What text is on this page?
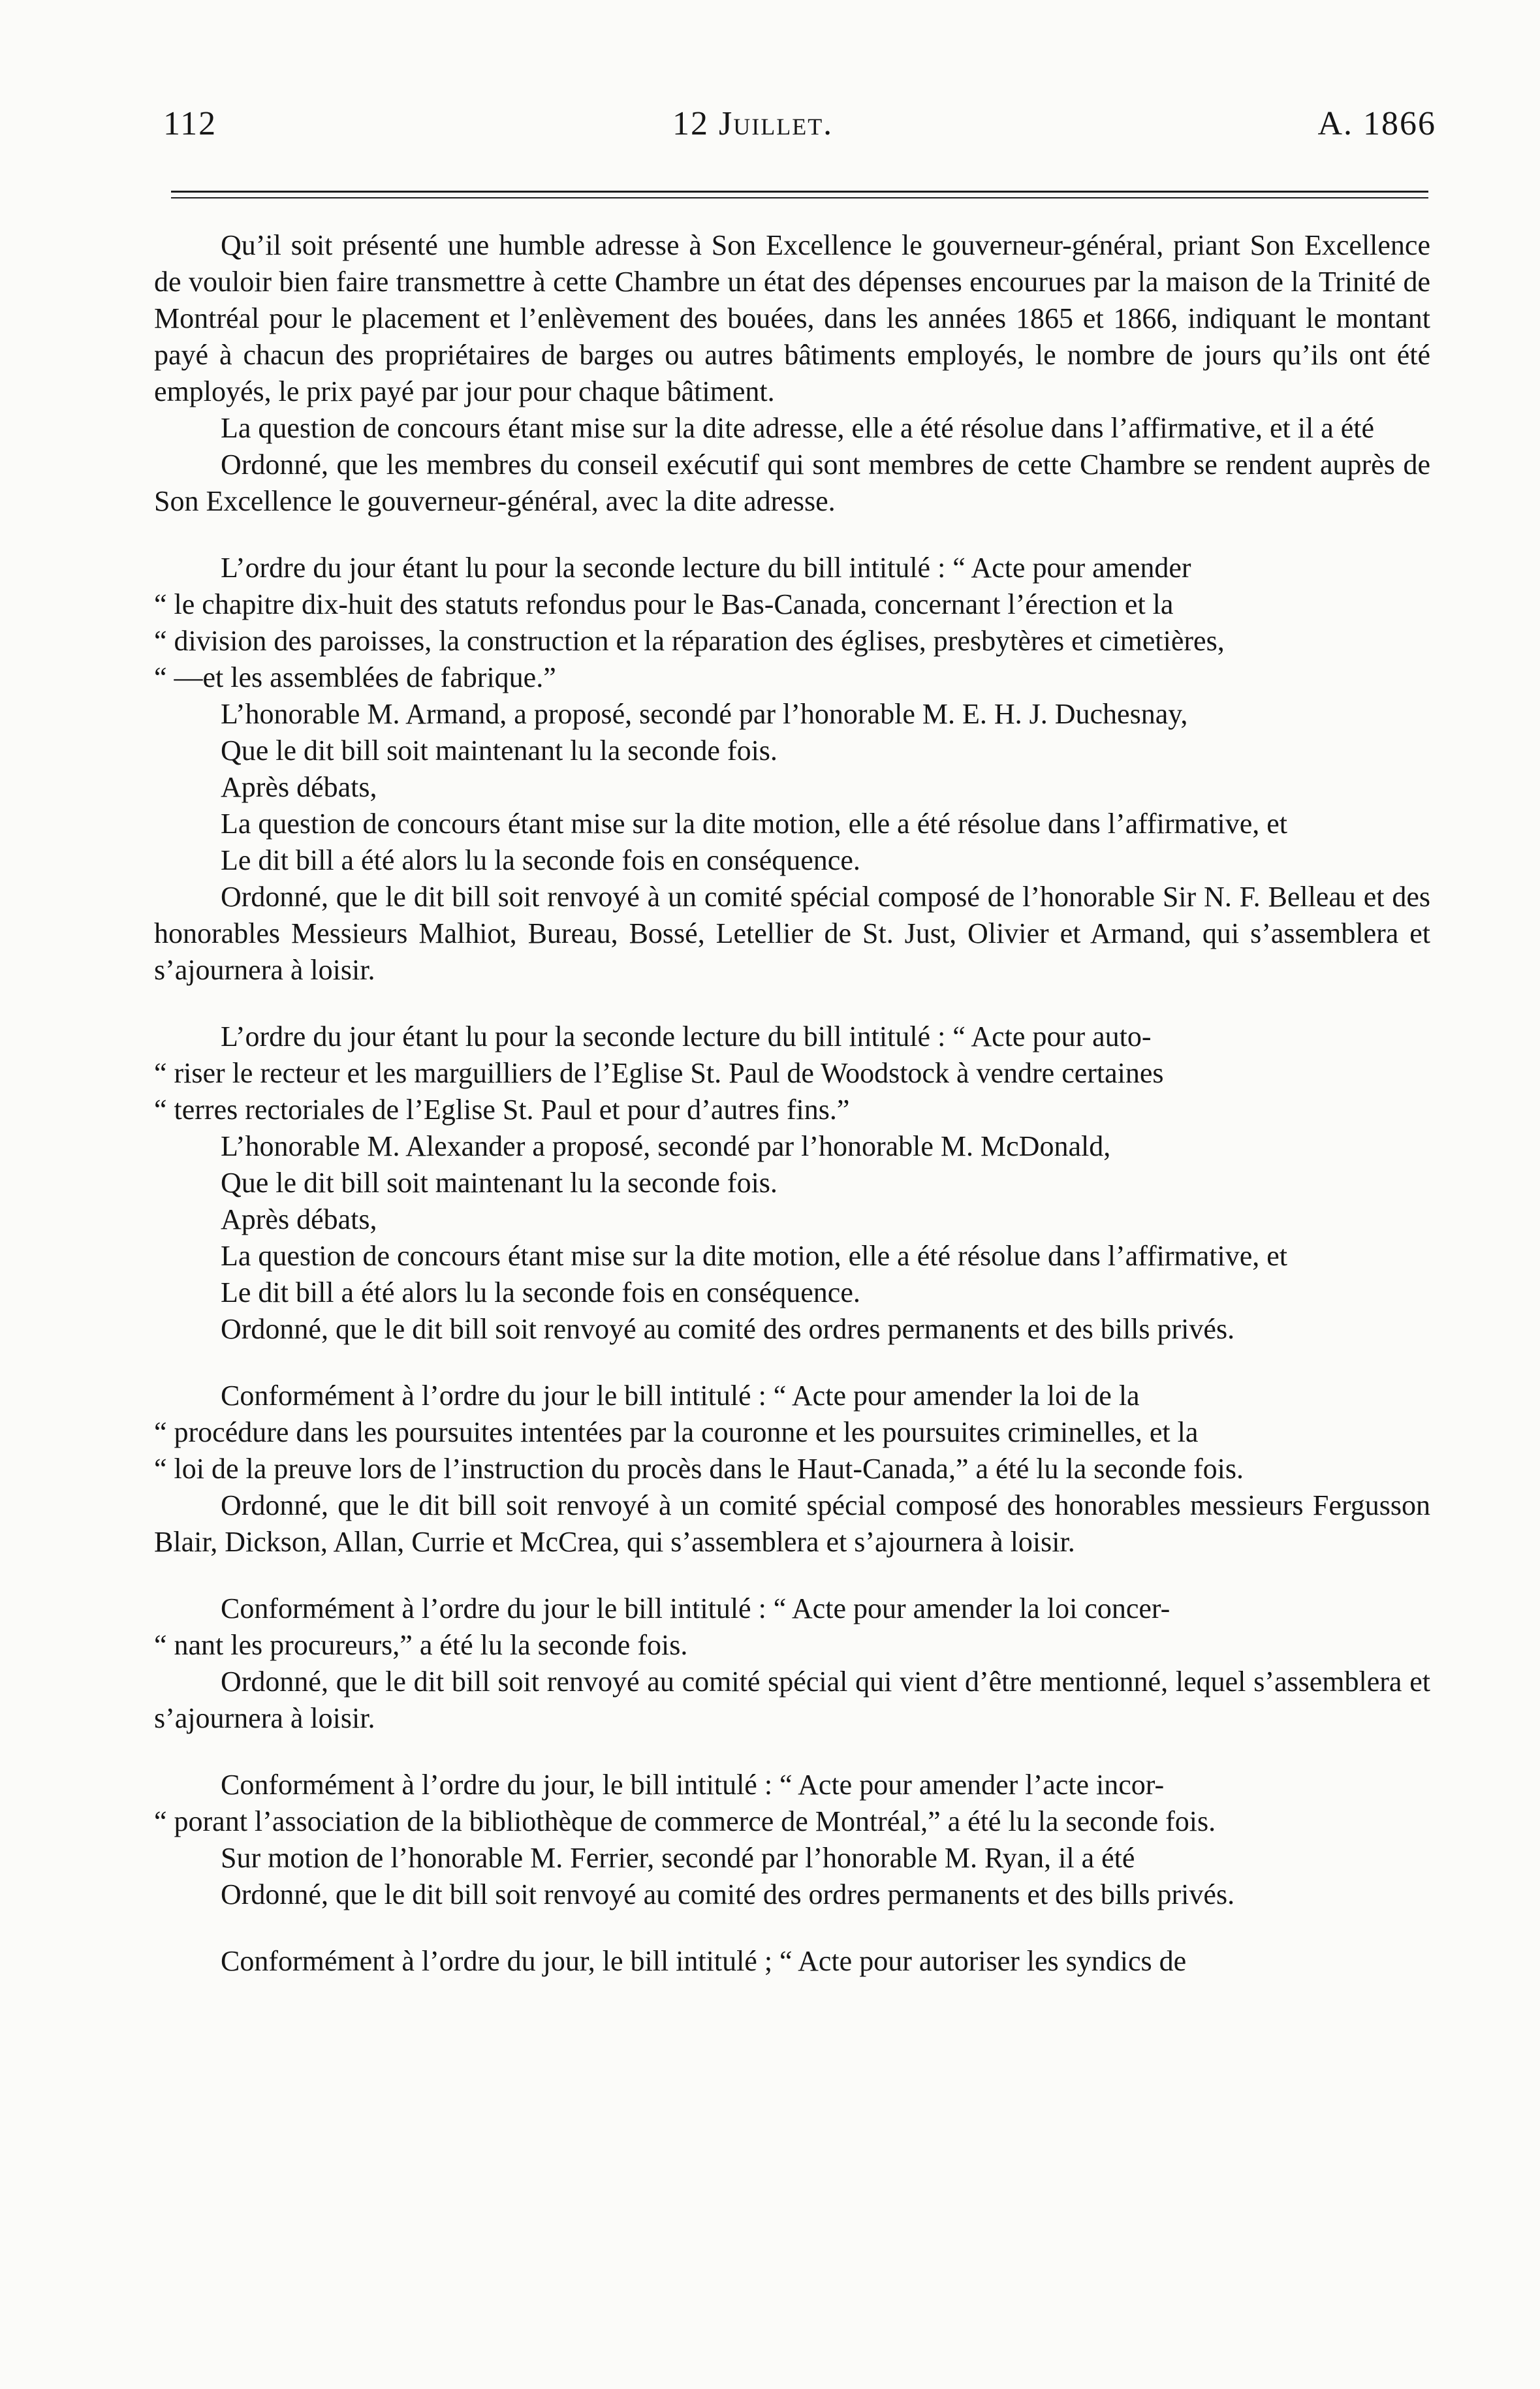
112	12 Juillet.	A. 1866

Qu’il soit présenté une humble adresse à Son Excellence le gouverneur-général, priant Son Excellence de vouloir bien faire transmettre à cette Chambre un état des dépenses encourues par la maison de la Trinité de Montréal pour le placement et l’enlèvement des bouées, dans les années 1865 et 1866, indiquant le montant payé à chacun des propriétaires de barges ou autres bâtiments employés, le nombre de jours qu’ils ont été employés, le prix payé par jour pour chaque bâtiment.

La question de concours étant mise sur la dite adresse, elle a été résolue dans l’affirmative, et il a été

Ordonné, que les membres du conseil exécutif qui sont membres de cette Chambre se rendent auprès de Son Excellence le gouverneur-général, avec la dite adresse.

L’ordre du jour étant lu pour la seconde lecture du bill intitulé : “ Acte pour amender

“ le chapitre dix-huit des statuts refondus pour le Bas-Canada, concernant l’érection et la

“ division des paroisses, la construction et la réparation des églises, presbytères et cimetières,

“ —et les assemblées de fabrique.”

L’honorable M. Armand, a proposé, secondé par l’honorable M. E. H. J. Duchesnay,

Que le dit bill soit maintenant lu la seconde fois.

Après débats,

La question de concours étant mise sur la dite motion, elle a été résolue dans l’affirmative, et

Le dit bill a été alors lu la seconde fois en conséquence.

Ordonné, que le dit bill soit renvoyé à un comité spécial composé de l’honorable Sir N. F. Belleau et des honorables Messieurs Malhiot, Bureau, Bossé, Letellier de St. Just, Olivier et Armand, qui s’assemblera et s’ajournera à loisir.

L’ordre du jour étant lu pour la seconde lecture du bill intitulé : “ Acte pour auto-

“ riser le recteur et les marguilliers de l’Eglise St. Paul de Woodstock à vendre certaines

“ terres rectoriales de l’Eglise St. Paul et pour d’autres fins.”

L’honorable M. Alexander a proposé, secondé par l’honorable M. McDonald,

Que le dit bill soit maintenant lu la seconde fois.

Après débats,

La question de concours étant mise sur la dite motion, elle a été résolue dans l’affirmative, et

Le dit bill a été alors lu la seconde fois en conséquence.

Ordonné, que le dit bill soit renvoyé au comité des ordres permanents et des bills privés.

Conformément à l’ordre du jour le bill intitulé : “ Acte pour amender la loi de la

“ procédure dans les poursuites intentées par la couronne et les poursuites criminelles, et la

“ loi de la preuve lors de l’instruction du procès dans le Haut-Canada,” a été lu la seconde fois.

Ordonné, que le dit bill soit renvoyé à un comité spécial composé des honorables messieurs Fergusson Blair, Dickson, Allan, Currie et McCrea, qui s’assemblera et s’ajournera à loisir.

Conformément à l’ordre du jour le bill intitulé : “ Acte pour amender la loi concer-

“ nant les procureurs,” a été lu la seconde fois.

Ordonné, que le dit bill soit renvoyé au comité spécial qui vient d’être mentionné, lequel s’assemblera et s’ajournera à loisir.

Conformément à l’ordre du jour, le bill intitulé : “ Acte pour amender l’acte incor-

“ porant l’association de la bibliothèque de commerce de Montréal,” a été lu la seconde fois.

Sur motion de l’honorable M. Ferrier, secondé par l’honorable M. Ryan, il a été

Ordonné, que le dit bill soit renvoyé au comité des ordres permanents et des bills privés.

Conformément à l’ordre du jour, le bill intitulé ; “ Acte pour autoriser les syndics de
